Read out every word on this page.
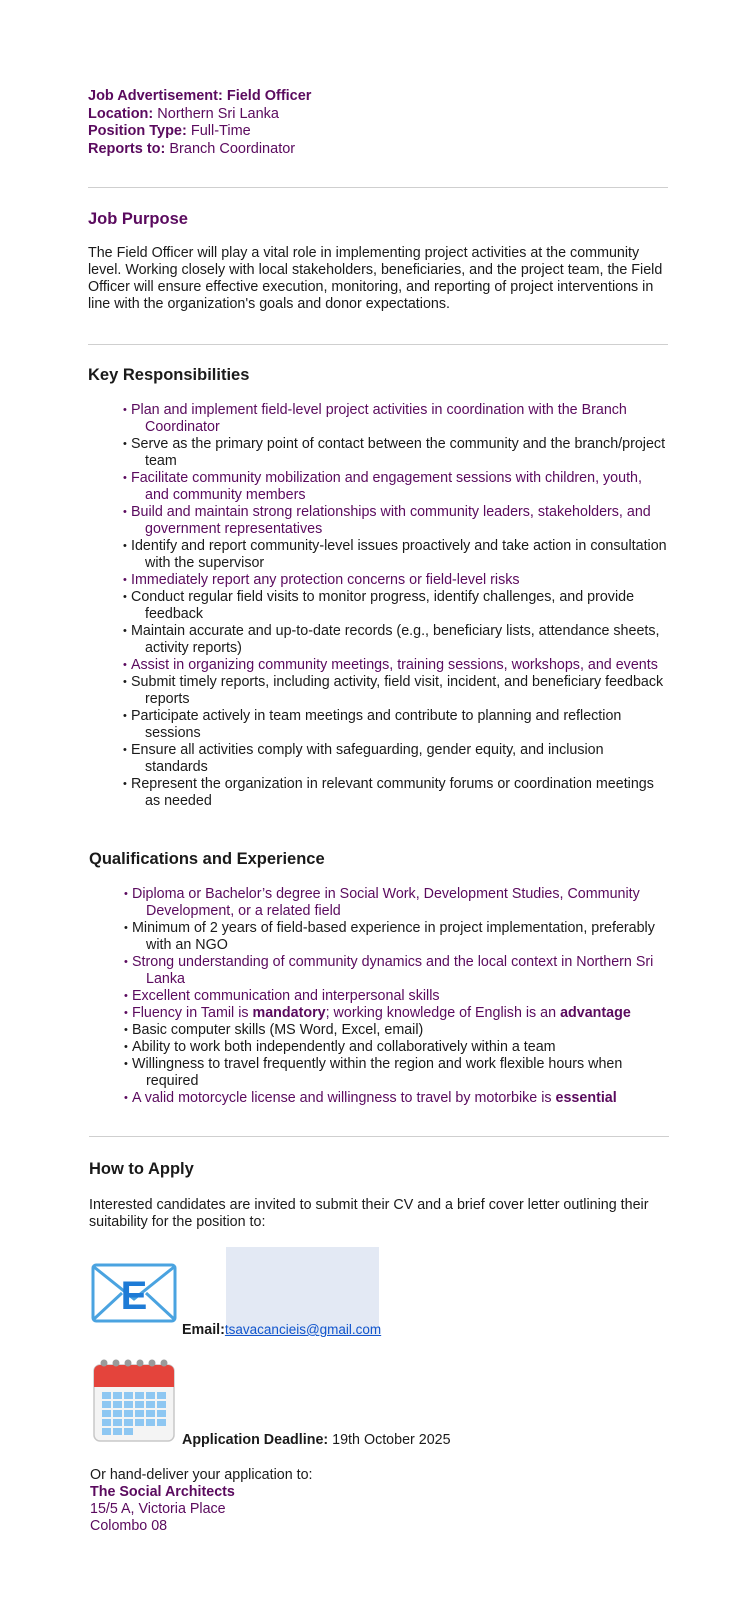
Job Advertisement: Field Officer
Location: Northern Sri Lanka
Position Type: Full-Time
Reports to: Branch Coordinator
Job Purpose
The Field Officer will play a vital role in implementing project activities at the community level. Working closely with local stakeholders, beneficiaries, and the project team, the Field Officer will ensure effective execution, monitoring, and reporting of project interventions in line with the organization's goals and donor expectations.
Key Responsibilities
• Plan and implement field-level project activities in coordination with the Branch Coordinator
• Serve as the primary point of contact between the community and the branch/project team
• Facilitate community mobilization and engagement sessions with children, youth, and community members
• Build and maintain strong relationships with community leaders, stakeholders, and government representatives
• Identify and report community-level issues proactively and take action in consultation with the supervisor
• Immediately report any protection concerns or field-level risks
• Conduct regular field visits to monitor progress, identify challenges, and provide feedback
• Maintain accurate and up-to-date records (e.g., beneficiary lists, attendance sheets, activity reports)
• Assist in organizing community meetings, training sessions, workshops, and events
• Submit timely reports, including activity, field visit, incident, and beneficiary feedback reports
• Participate actively in team meetings and contribute to planning and reflection sessions
• Ensure all activities comply with safeguarding, gender equity, and inclusion standards
• Represent the organization in relevant community forums or coordination meetings as needed
Qualifications and Experience
• Diploma or Bachelor’s degree in Social Work, Development Studies, Community Development, or a related field
• Minimum of 2 years of field-based experience in project implementation, preferably with an NGO
• Strong understanding of community dynamics and the local context in Northern Sri Lanka
• Excellent communication and interpersonal skills
• Fluency in Tamil is mandatory; working knowledge of English is an advantage
• Basic computer skills (MS Word, Excel, email)
• Ability to work both independently and collaboratively within a team
• Willingness to travel frequently within the region and work flexible hours when required
• A valid motorcycle license and willingness to travel by motorbike is essential
How to Apply
Interested candidates are invited to submit their CV and a brief cover letter outlining their suitability for the position to:
E
Email:tsavacancieis@gmail.com
Application Deadline: 19th October 2025
Or hand-deliver your application to:
The Social Architects
15/5 A, Victoria Place
Colombo 08
